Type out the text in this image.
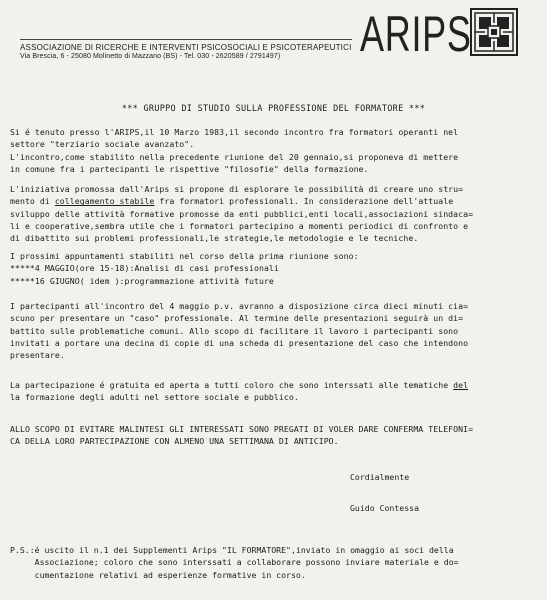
ASSOCIAZIONE DI RICERCHE E INTERVENTI PSICOSOCIALI E PSICOTERAPEUTICI
Via Brescia, 6 - 25080 Molinetto di Mazzano (BS) - Tel. 030 - 2620589 / 2791497) ARIPS
*** GRUPPO DI STUDIO SULLA PROFESSIONE DEL FORMATORE ***
Si é tenuto presso l'ARIPS,il 10 Marzo 1983,il secondo incontro fra formatori operanti nel
settore "terziario sociale avanzato".
L'incontro,come stabilito nella precedente riunione del 20 gennaio,si proponeva di mettere
in comune fra i partecipanti le rispettive "filosofie" della formazione.
L'iniziativa promossa dall'Arips si propone di esplorare le possibilità di creare uno stru=
mento di collegamento stabile fra formatori professionali. In considerazione dell'attuale
sviluppo delle attività formative promosse da enti pubblici,enti locali,associazioni sindaca=
li e cooperative,sembra utile che i formatori partecipino a momenti periodici di confronto e
di dibattito sui problemi professionali,le strategie,le metodologie e le tecniche.
I prossimi appuntamenti stabiliti nel corso della prima riunione sono:
*****4 MAGGIO(ore 15-18):Analisi di casi professionali
*****16 GIUGNO( idem ):programmazione attività future
I partecipanti all'incontro del 4 maggio p.v. avranno a disposizione circa dieci minuti cia=
scuno per presentare un "caso" professionale. Al termine delle presentazioni seguirà un di=
battito sulle problematiche comuni. Allo scopo di facilitare il lavoro i partecipanti sono
invitati a portare una decina di copie di una scheda di presentazione del caso che intendono
presentare.
La partecipazione é gratuita ed aperta a tutti coloro che sono interssati alle tematiche del
la formazione degli adulti nel settore sociale e pubblico.
ALLO SCOPO DI EVITARE MALINTESI GLI INTERESSATI SONO PREGATI DI VOLER DARE CONFERMA TELEFONI=
CA DELLA LORO PARTECIPAZIONE CON ALMENO UNA SETTIMANA DI ANTICIPO.
Cordialmente
Guido Contessa
P.S.:é uscito il n.1 dei Supplementi Arips "IL FORMATORE",inviato in omaggio ai soci della
Associazione; coloro che sono interssati a collaborare possono inviare materiale e do=
cumentazione relativi ad esperienze formative in corso.
